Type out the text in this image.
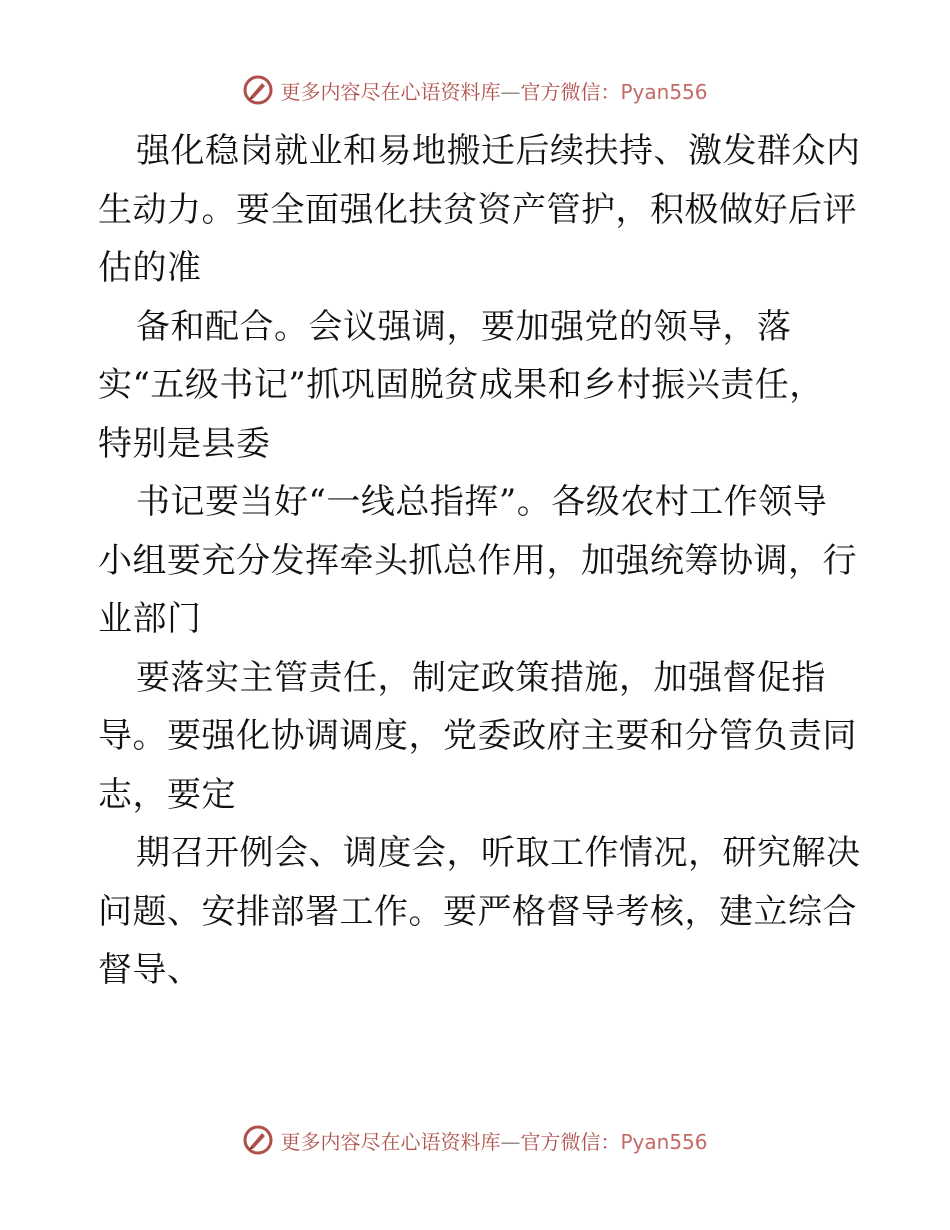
更多内容尽在心语资料库—官方微信：Pyan556
强化稳岗就业和易地搬迁后续扶持、激发群众内
生动力。要全面强化扶贫资产管护，积极做好后评
估的准
备和配合。会议强调，要加强党的领导，落
实“五级书记”抓巩固脱贫成果和乡村振兴责任，
特别是县委
书记要当好“一线总指挥”。各级农村工作领导
小组要充分发挥牵头抓总作用，加强统筹协调，行
业部门
要落实主管责任，制定政策措施，加强督促指
导。要强化协调调度，党委政府主要和分管负责同
志，要定
期召开例会、调度会，听取工作情况，研究解决
问题、安排部署工作。要严格督导考核，建立综合
督导、
更多内容尽在心语资料库—官方微信：Pyan556
